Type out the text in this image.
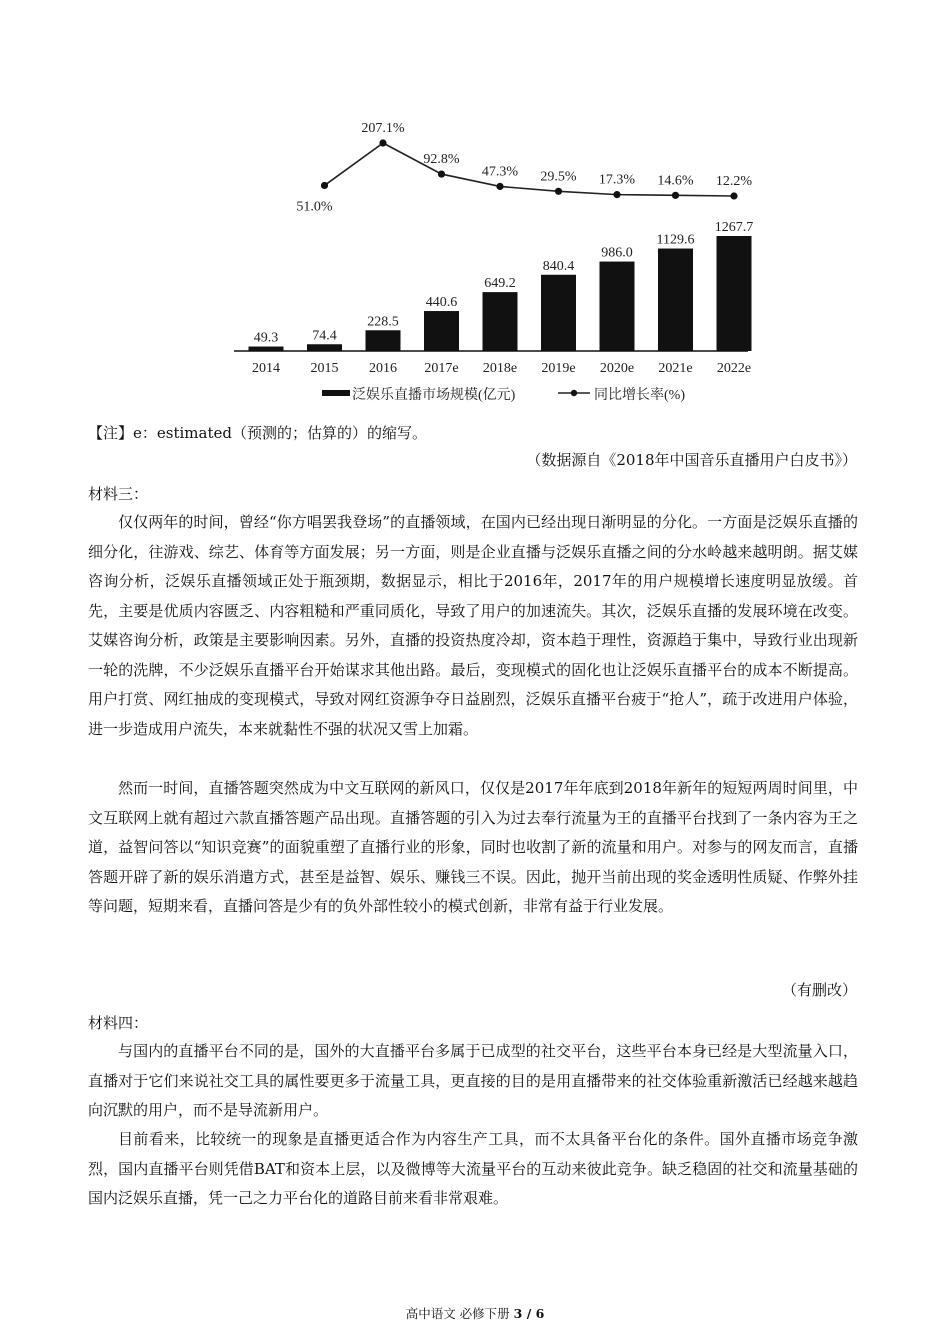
49.3 74.4
228.5
440.6
649.2
840.4
986.0
1129.6
1267.7
2014 2015 2016 2017e 2018e 2019e 2020e 2021e 2022e
51.0%
207.1%
92.8%
47.3% 29.5% 17.3% 14.6% 12.2%
泛娱乐直播市场规模(亿元)	同比增长率(%)
【注】e：estimated（预测的；估算的）的缩写。
（数据源自《2018年中国音乐直播用户白皮书》）
材料三：

仅仅两年的时间，曾经“你方唱罢我登场”的直播领域，在国内已经出现日渐明显的分化。一方面是泛娱乐直播的细分化，往游戏、综艺、体育等方面发展；另一方面，则是企业直播与泛娱乐直播之间的分水岭越来越明朗。据艾媒咨询分析，泛娱乐直播领域正处于瓶颈期，数据显示，相比于2016年，2017年的用户规模增长速度明显放缓。首先，主要是优质内容匮乏、内容粗糙和严重同质化，导致了用户的加速流失。其次，泛娱乐直播的发展环境在改变。艾媒咨询分析，政策是主要影响因素。另外，直播的投资热度冷却，资本趋于理性，资源趋于集中，导致行业出现新一轮的洗牌，不少泛娱乐直播平台开始谋求其他出路。最后，变现模式的固化也让泛娱乐直播平台的成本不断提高。用户打赏、网红抽成的变现模式，导致对网红资源争夺日益剧烈，泛娱乐直播平台疲于“抢人”，疏于改进用户体验，进一步造成用户流失，本来就黏性不强的状况又雪上加霜。

然而一时间，直播答题突然成为中文互联网的新风口，仅仅是2017年年底到2018年新年的短短两周时间里，中文互联网上就有超过六款直播答题产品出现。直播答题的引入为过去奉行流量为王的直播平台找到了一条内容为王之道，益智问答以“知识竞赛”的面貌重塑了直播行业的形象，同时也收割了新的流量和用户。对参与的网友而言，直播答题开辟了新的娱乐消遣方式，甚至是益智、娱乐、赚钱三不误。因此，抛开当前出现的奖金透明性质疑、作弊外挂等问题，短期来看，直播问答是少有的负外部性较小的模式创新，非常有益于行业发展。

（有删改）
材料四：

与国内的直播平台不同的是，国外的大直播平台多属于已成型的社交平台，这些平台本身已经是大型流量入口，直播对于它们来说社交工具的属性要更多于流量工具，更直接的目的是用直播带来的社交体验重新激活已经越来越趋向沉默的用户，而不是导流新用户。

目前看来，比较统一的现象是直播更适合作为内容生产工具，而不太具备平台化的条件。国外直播市场竞争激烈，国内直播平台则凭借BAT和资本上层，以及微博等大流量平台的互动来彼此竞争。缺乏稳固的社交和流量基础的国内泛娱乐直播，凭一己之力平台化的道路目前来看非常艰难。

高中语文 必修下册 3 / 6
